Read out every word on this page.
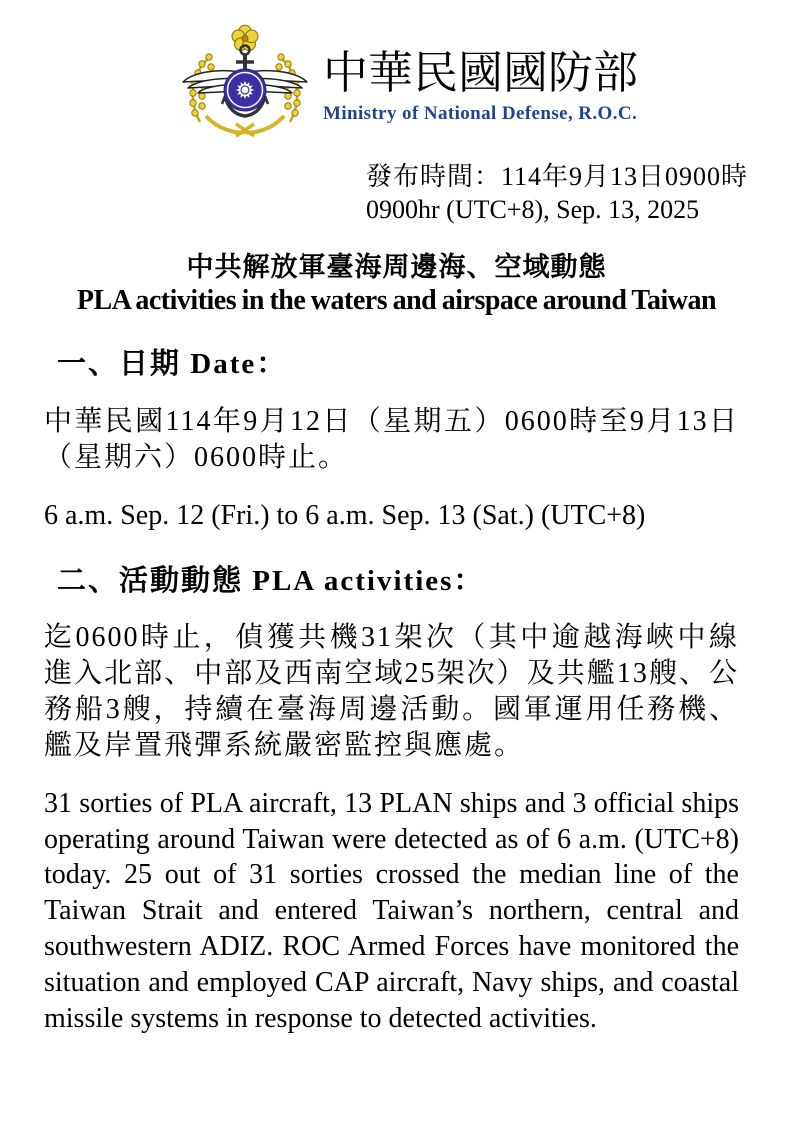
中華民國國防部
Ministry of National Defense, R.O.C.
發布時間：114年9月13日0900時
0900hr (UTC+8), Sep. 13, 2025
中共解放軍臺海周邊海、空域動態
PLA activities in the waters and airspace around Taiwan
一、日期 Date：

中華民國114年9月12日（星期五）0600時至9月13日（星期六）0600時止。

6 a.m. Sep. 12 (Fri.) to 6 a.m. Sep. 13 (Sat.) (UTC+8)

二、活動動態 PLA activities：

迄0600時止，偵獲共機31架次（其中逾越海峽中線進入北部、中部及西南空域25架次）及共艦13艘、公務船3艘，持續在臺海周邊活動。國軍運用任務機、艦及岸置飛彈系統嚴密監控與應處。

31 sorties of PLA aircraft, 13 PLAN ships and 3 official ships operating around Taiwan were detected as of 6 a.m. (UTC+8) today. 25 out of 31 sorties crossed the median line of the Taiwan Strait and entered Taiwan’s northern, central and southwestern ADIZ. ROC Armed Forces have monitored the situation and employed CAP aircraft, Navy ships, and coastal missile systems in response to detected activities.
